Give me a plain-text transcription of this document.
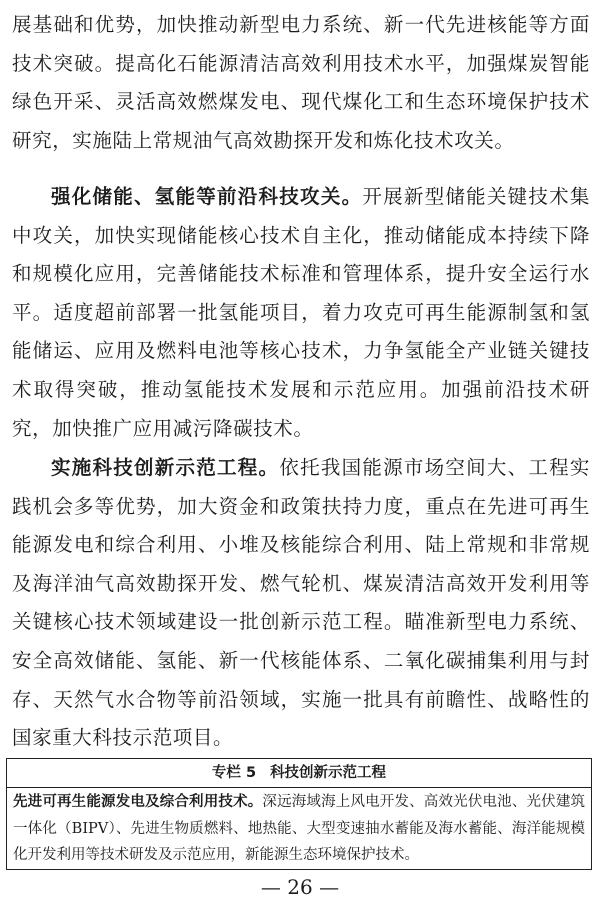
展基础和优势，加快推动新型电力系统、新一代先进核能等方面技术突破。提高化石能源清洁高效利用技术水平，加强煤炭智能绿色开采、灵活高效燃煤发电、现代煤化工和生态环境保护技术研究，实施陆上常规油气高效勘探开发和炼化技术攻关。

强化储能、氢能等前沿科技攻关。开展新型储能关键技术集中攻关，加快实现储能核心技术自主化，推动储能成本持续下降和规模化应用，完善储能技术标准和管理体系，提升安全运行水平。适度超前部署一批氢能项目，着力攻克可再生能源制氢和氢能储运、应用及燃料电池等核心技术，力争氢能全产业链关键技术取得突破，推动氢能技术发展和示范应用。加强前沿技术研究，加快推广应用减污降碳技术。

实施科技创新示范工程。依托我国能源市场空间大、工程实践机会多等优势，加大资金和政策扶持力度，重点在先进可再生能源发电和综合利用、小堆及核能综合利用、陆上常规和非常规及海洋油气高效勘探开发、燃气轮机、煤炭清洁高效开发利用等关键核心技术领域建设一批创新示范工程。瞄准新型电力系统、安全高效储能、氢能、新一代核能体系、二氧化碳捕集利用与封存、天然气水合物等前沿领域，实施一批具有前瞻性、战略性的国家重大科技示范项目。

专栏 5 科技创新示范工程
先进可再生能源发电及综合利用技术。深远海域海上风电开发、高效光伏电池、光伏建筑一体化（BIPV）、先进生物质燃料、地热能、大型变速抽水蓄能及海水蓄能、海洋能规模化开发利用等技术研发及示范应用，新能源生态环境保护技术。
— 26 —
